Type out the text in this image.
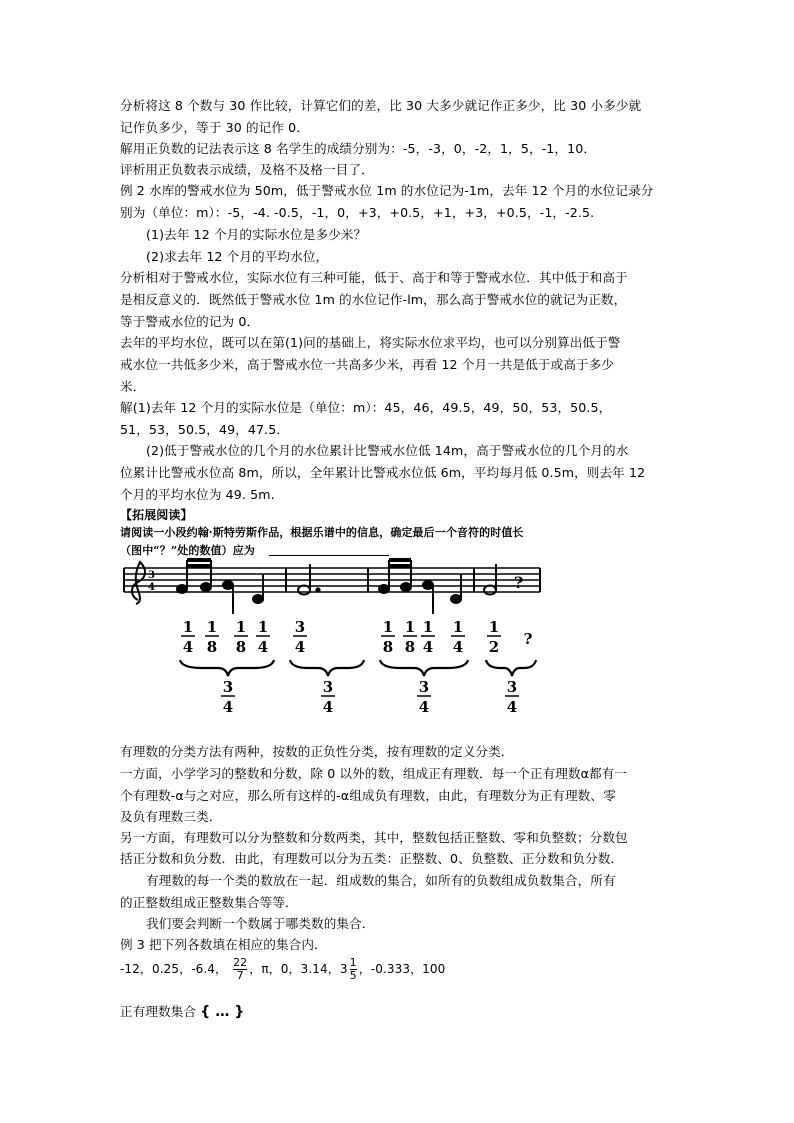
分析将这 8 个数与 30 作比较，计算它们的差，比 30 大多少就记作正多少，比 30 小多少就
记作负多少，等于 30 的记作 0．
解用正负数的记法表示这 8 名学生的成绩分别为：-5，-3，0，-2，1，5，-1，10．
评析用正负数表示成绩，及格不及格一目了．
例 2 水库的警戒水位为 50m，低于警戒水位 1m 的水位记为-1m，去年 12 个月的水位记录分
别为（单位：m）：-5，-4. -0.5，-1，0，+3，+0.5，+1，+3，+0.5，-1，-2.5.
(1)去年 12 个月的实际水位是多少米？
(2)求去年 12 个月的平均水位，
分析相对于警戒水位，实际水位有三种可能，低于、高于和等于警戒水位．其中低于和高于
是相反意义的．既然低于警戒水位 1m 的水位记作-lm，那么高于警戒水位的就记为正数，
等于警戒水位的记为 0．
去年的平均水位，既可以在第(1)问的基础上，将实际水位求平均，也可以分别算出低于警
戒水位一共低多少米，高于警戒水位一共高多少米，再看 12 个月一共是低于或高于多少
米．
解(1)去年 12 个月的实际水位是（单位：m）：45，46，49.5，49，50，53，50.5，
51，53，50.5，49，47.5．
(2)低于警戒水位的几个月的水位累计比警戒水位低 14m，高于警戒水位的几个月的水
位累计比警戒水位高 8m，所以，全年累计比警戒水位低 6m，平均每月低 0.5m，则去年 12
个月的平均水位为 49. 5m.
【拓展阅读】
请阅读一小段约翰·斯特劳斯作品，根据乐谱中的信息，确定最后一个音符的时值长
（图中“？”处的数值）应为
3
4	?
1
4
1
8
1
8
1
4
3
4
1
8
1
8
1
4
1
4
1
2 ?
3
4
3
4
3
4
3
4
有理数的分类方法有两种，按数的正负性分类，按有理数的定义分类．
一方面，小学学习的整数和分数，除 0 以外的数，组成正有理数．每一个正有理数α都有一
个有理数-α与之对应，那么所有这样的-α组成负有理数，由此，有理数分为正有理数、零
及负有理数三类．
另一方面，有理数可以分为整数和分数两类，其中，整数包括正整数、零和负整数；分数包
括正分数和负分数．由此，有理数可以分为五类：正整数、0、负整数、正分数和负分数．
有理数的每一个类的数放在一起．组成数的集合，如所有的负数组成负数集合，所有
的正整数组成正整数集合等等．
我们要会判断一个数属于哪类数的集合．
例 3 把下列各数填在相应的集合内．
-12，0.25，-6.4， $\frac{22}{7}$ ，π，0，3.14，$3 \frac{1}{5}$ ，-0.333，100
正有理数集合 { … }
